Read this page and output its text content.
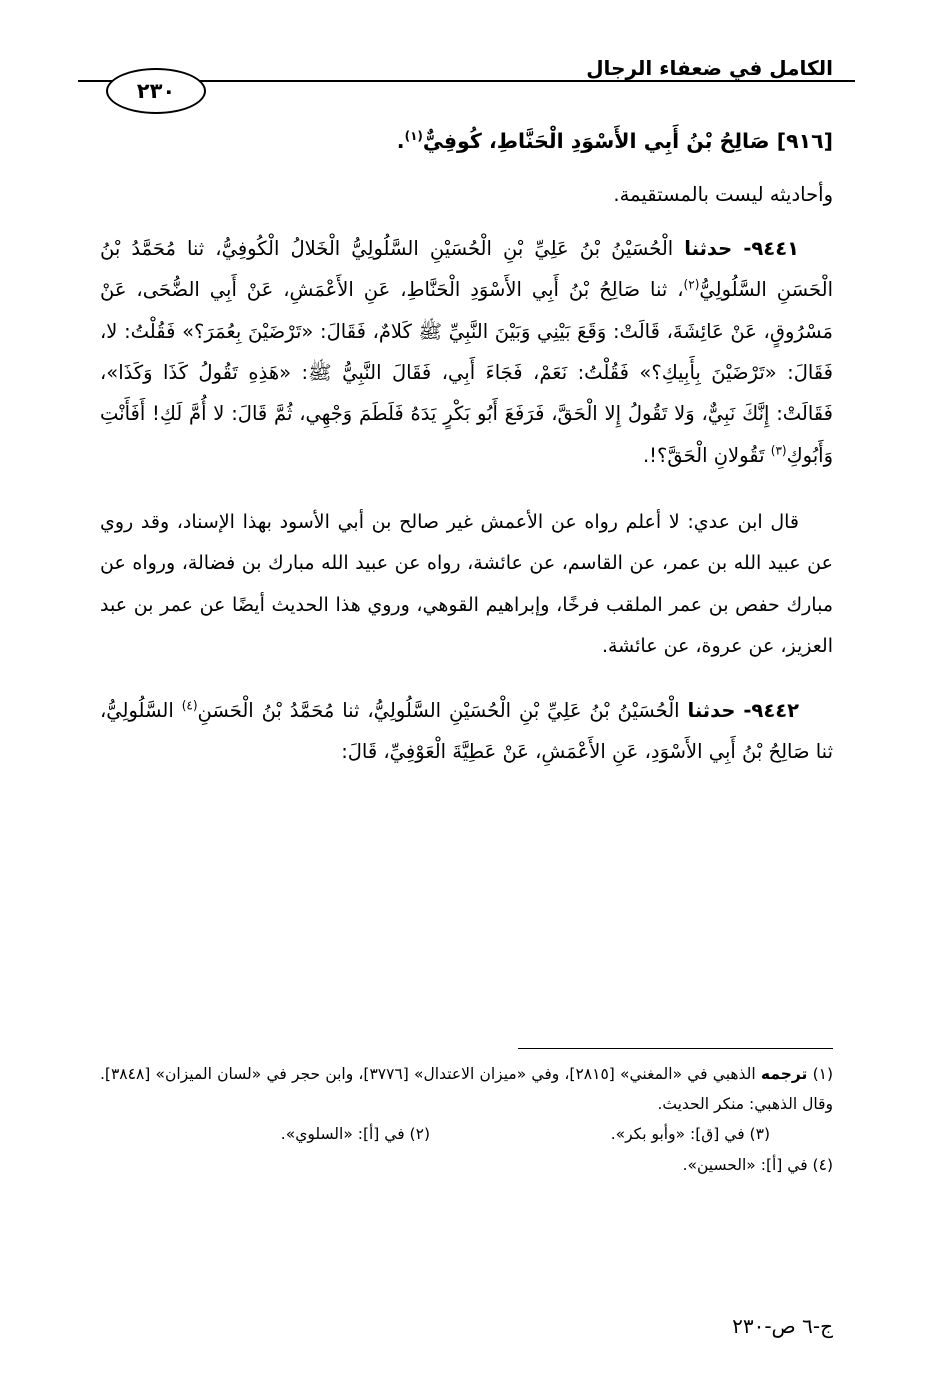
الكامل في ضعفاء الرجال
٢٣٠
[٩١٦] صَالِحُ بْنُ أَبِي الأَسْوَدِ الْحَنَّاطِ، كُوفِيٌّ$^{(١)}$.
وأحاديثه ليست بالمستقيمة.
٩٤٤١- حدثنا الْحُسَيْنُ بْنُ عَلِيِّ بْنِ الْحُسَيْنِ السَّلُولِيُّ الْخَلالُ الْكُوفِيُّ، ثنا مُحَمَّدُ بْنُ الْحَسَنِ السَّلُولِيُّ$^{(٢)}$، ثنا صَالِحُ بْنُ أَبِي الأَسْوَدِ الْحَنَّاطِ، عَنِ الأَعْمَشِ، عَنْ أَبِي الضُّحَى، عَنْ مَسْرُوقٍ، عَنْ عَائِشَةَ، قَالَتْ: وَقَعَ بَيْنِي وَبَيْنَ النَّبِيِّ ﷺ كَلامٌ، فَقَالَ: «تَرْضَيْنَ بِعُمَرَ؟» فَقُلْتُ: لا، فَقَالَ: «تَرْضَيْنَ بِأَبِيكِ؟» فَقُلْتُ: نَعَمْ، فَجَاءَ أَبِي، فَقَالَ النَّبِيُّ ﷺ: «هَذِهِ تَقُولُ كَذَا وَكَذَا»، فَقَالَتْ: إِنَّكَ نَبِيٌّ، وَلا تَقُولُ إِلا الْحَقَّ، فَرَفَعَ أَبُو بَكْرٍ يَدَهُ فَلَطَمَ وَجْهِي، ثُمَّ قَالَ: لا أُمَّ لَكِ! أَفَأَنْتِ وَأَبُوكِ$^{(٣)}$ تَقُولانِ الْحَقَّ؟!.
قال ابن عدي: لا أعلم رواه عن الأعمش غير صالح بن أبي الأسود بهذا الإسناد، وقد روي عن عبيد الله بن عمر، عن القاسم، عن عائشة، رواه عن عبيد الله مبارك بن فضالة، ورواه عن مبارك حفص بن عمر الملقب فرخًا، وإبراهيم القوهي، وروي هذا الحديث أيضًا عن عمر بن عبد العزيز، عن عروة، عن عائشة.
٩٤٤٢- حدثنا الْحُسَيْنُ بْنُ عَلِيِّ بْنِ الْحُسَيْنِ السَّلُولِيُّ، ثنا مُحَمَّدُ بْنُ الْحَسَنِ$^{(٤)}$ السَّلُولِيُّ، ثنا صَالِحُ بْنُ أَبِي الأَسْوَدِ، عَنِ الأَعْمَشِ، عَنْ عَطِيَّةَ الْعَوْفِيِّ، قَالَ:
(١) ترجمه الذهبي في «المغني» [٢٨١٥]، وفي «ميزان الاعتدال» [٣٧٧٦]، وابن حجر في «لسان الميزان» [٣٨٤٨]. وقال الذهبي: منكر الحديث.
(٢) في [أ]: «السلوي».	(٣) في [ق]: «وأبو بكر».
(٤) في [أ]: «الحسين».
ج-٦ ص-٢٣٠
